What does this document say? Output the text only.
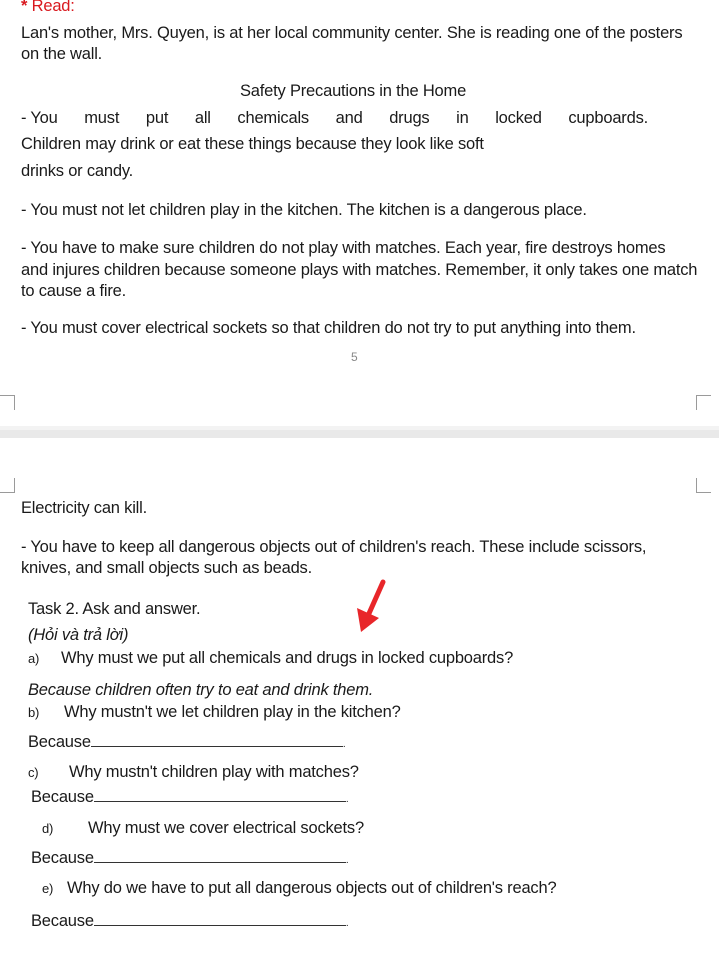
* Read:
Lan's mother, Mrs. Quyen, is at her local community center. She is reading one of the posters
on the wall.
Safety Precautions in the Home
- You must put all chemicals and drugs in locked cupboards.
Children may drink or eat these things because they look like soft
drinks or candy.
- You must not let children play in the kitchen. The kitchen is a dangerous place.
- You have to make sure children do not play with matches. Each year, fire destroys homes
and injures children because someone plays with matches. Remember, it only takes one match
to cause a fire.
- You must cover electrical sockets so that children do not try to put anything into them.
5
Electricity can kill.
- You have to keep all dangerous objects out of children's reach. These include scissors,
knives, and small objects such as beads.
Task 2. Ask and answer.
(Hỏi và trả lời)
a) Why must we put all chemicals and drugs in locked cupboards?
Because children often try to eat and drink them.
b) Why mustn't we let children play in the kitchen?
Because	.
c) Why mustn't children play with matches?
Because	.
d) Why must we cover electrical sockets?
Because	.
e) Why do we have to put all dangerous objects out of children's reach?
Because	.
